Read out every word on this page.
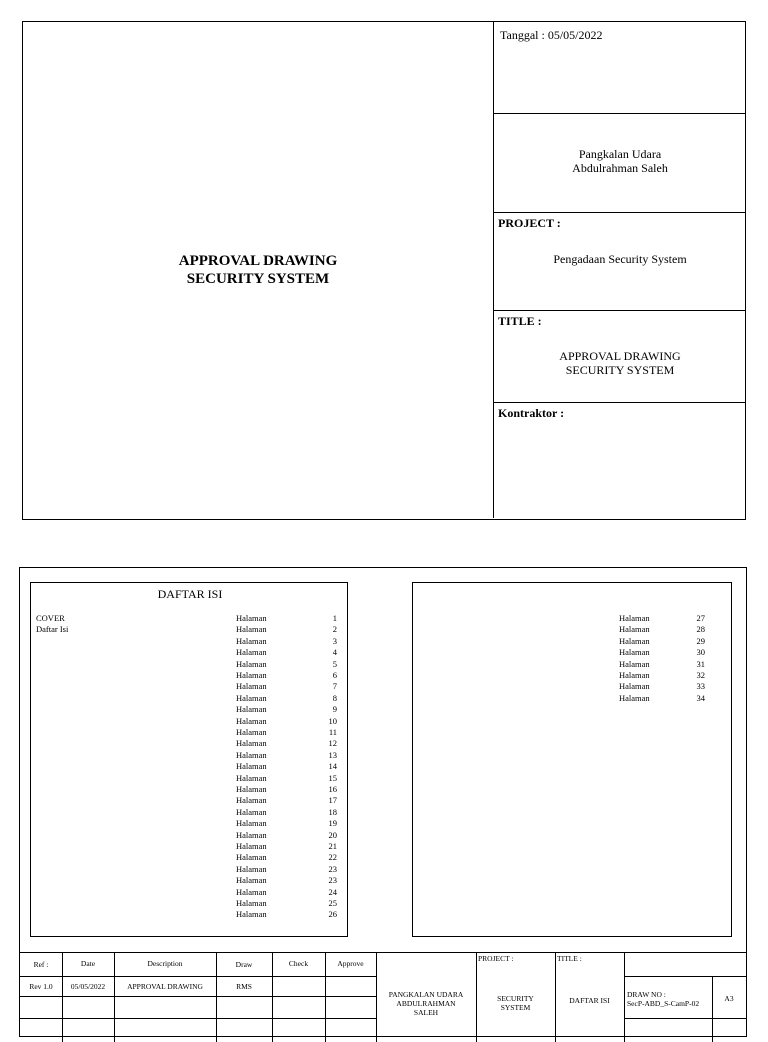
APPROVAL DRAWING
SECURITY SYSTEM
Tanggal : 05/05/2022
Pangkalan Udara
Abdulrahman Saleh
PROJECT :
Pengadaan Security System
TITLE :
APPROVAL DRAWING
SECURITY SYSTEM
Kontraktor :
DAFTAR ISI
COVER
Daftar Isi
Halaman	1
Halaman	2
Halaman	3
Halaman	4
Halaman	5
Halaman	6
Halaman	7
Halaman	8
Halaman	9
Halaman	10
Halaman	11
Halaman	12
Halaman	13
Halaman	14
Halaman	15
Halaman	16
Halaman	17
Halaman	18
Halaman	19
Halaman	20
Halaman	21
Halaman	22
Halaman	23
Halaman	23
Halaman	24
Halaman	25
Halaman	26
Halaman	27
Halaman	28
Halaman	29
Halaman	30
Halaman	31
Halaman	32
Halaman	33
Halaman	34
Ref :	Date	Description	Draw	Check	Approve
Rev 1.0	05/05/2022	APPROVAL DRAWING	RMS
PANGKALAN UDARA
ABDULRAHMAN
SALEH
PROJECT :
SECURITY
SYSTEM
TITLE :
DAFTAR ISI
DRAW NO :
SecP-ABD_S-CamP-02
A3
